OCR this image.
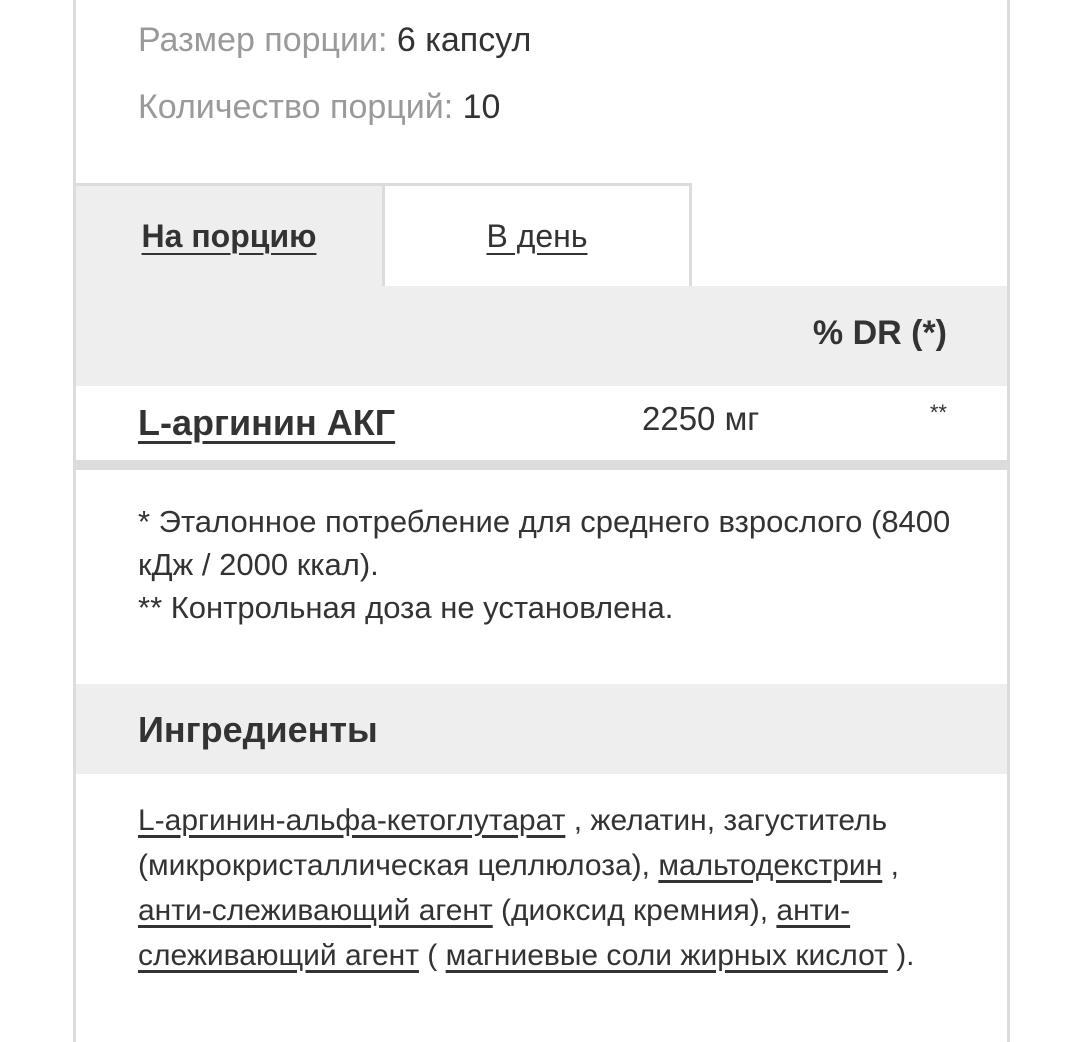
Размер порции: 6 капсул
Количество порций: 10
На порцию	В день
% DR (*)
L-аргинин АКГ	2250 мг	**
* Эталонное потребление для среднего взрослого (8400 кДж / 2000 ккал).
** Контрольная доза не установлена.
Ингредиенты
L-аргинин-альфа-кетоглутарат , желатин, загуститель (микрокристаллическая целлюлоза), мальтодекстрин , анти-слеживающий агент (диоксид кремния), анти-слеживающий агент ( магниевые соли жирных кислот ).
